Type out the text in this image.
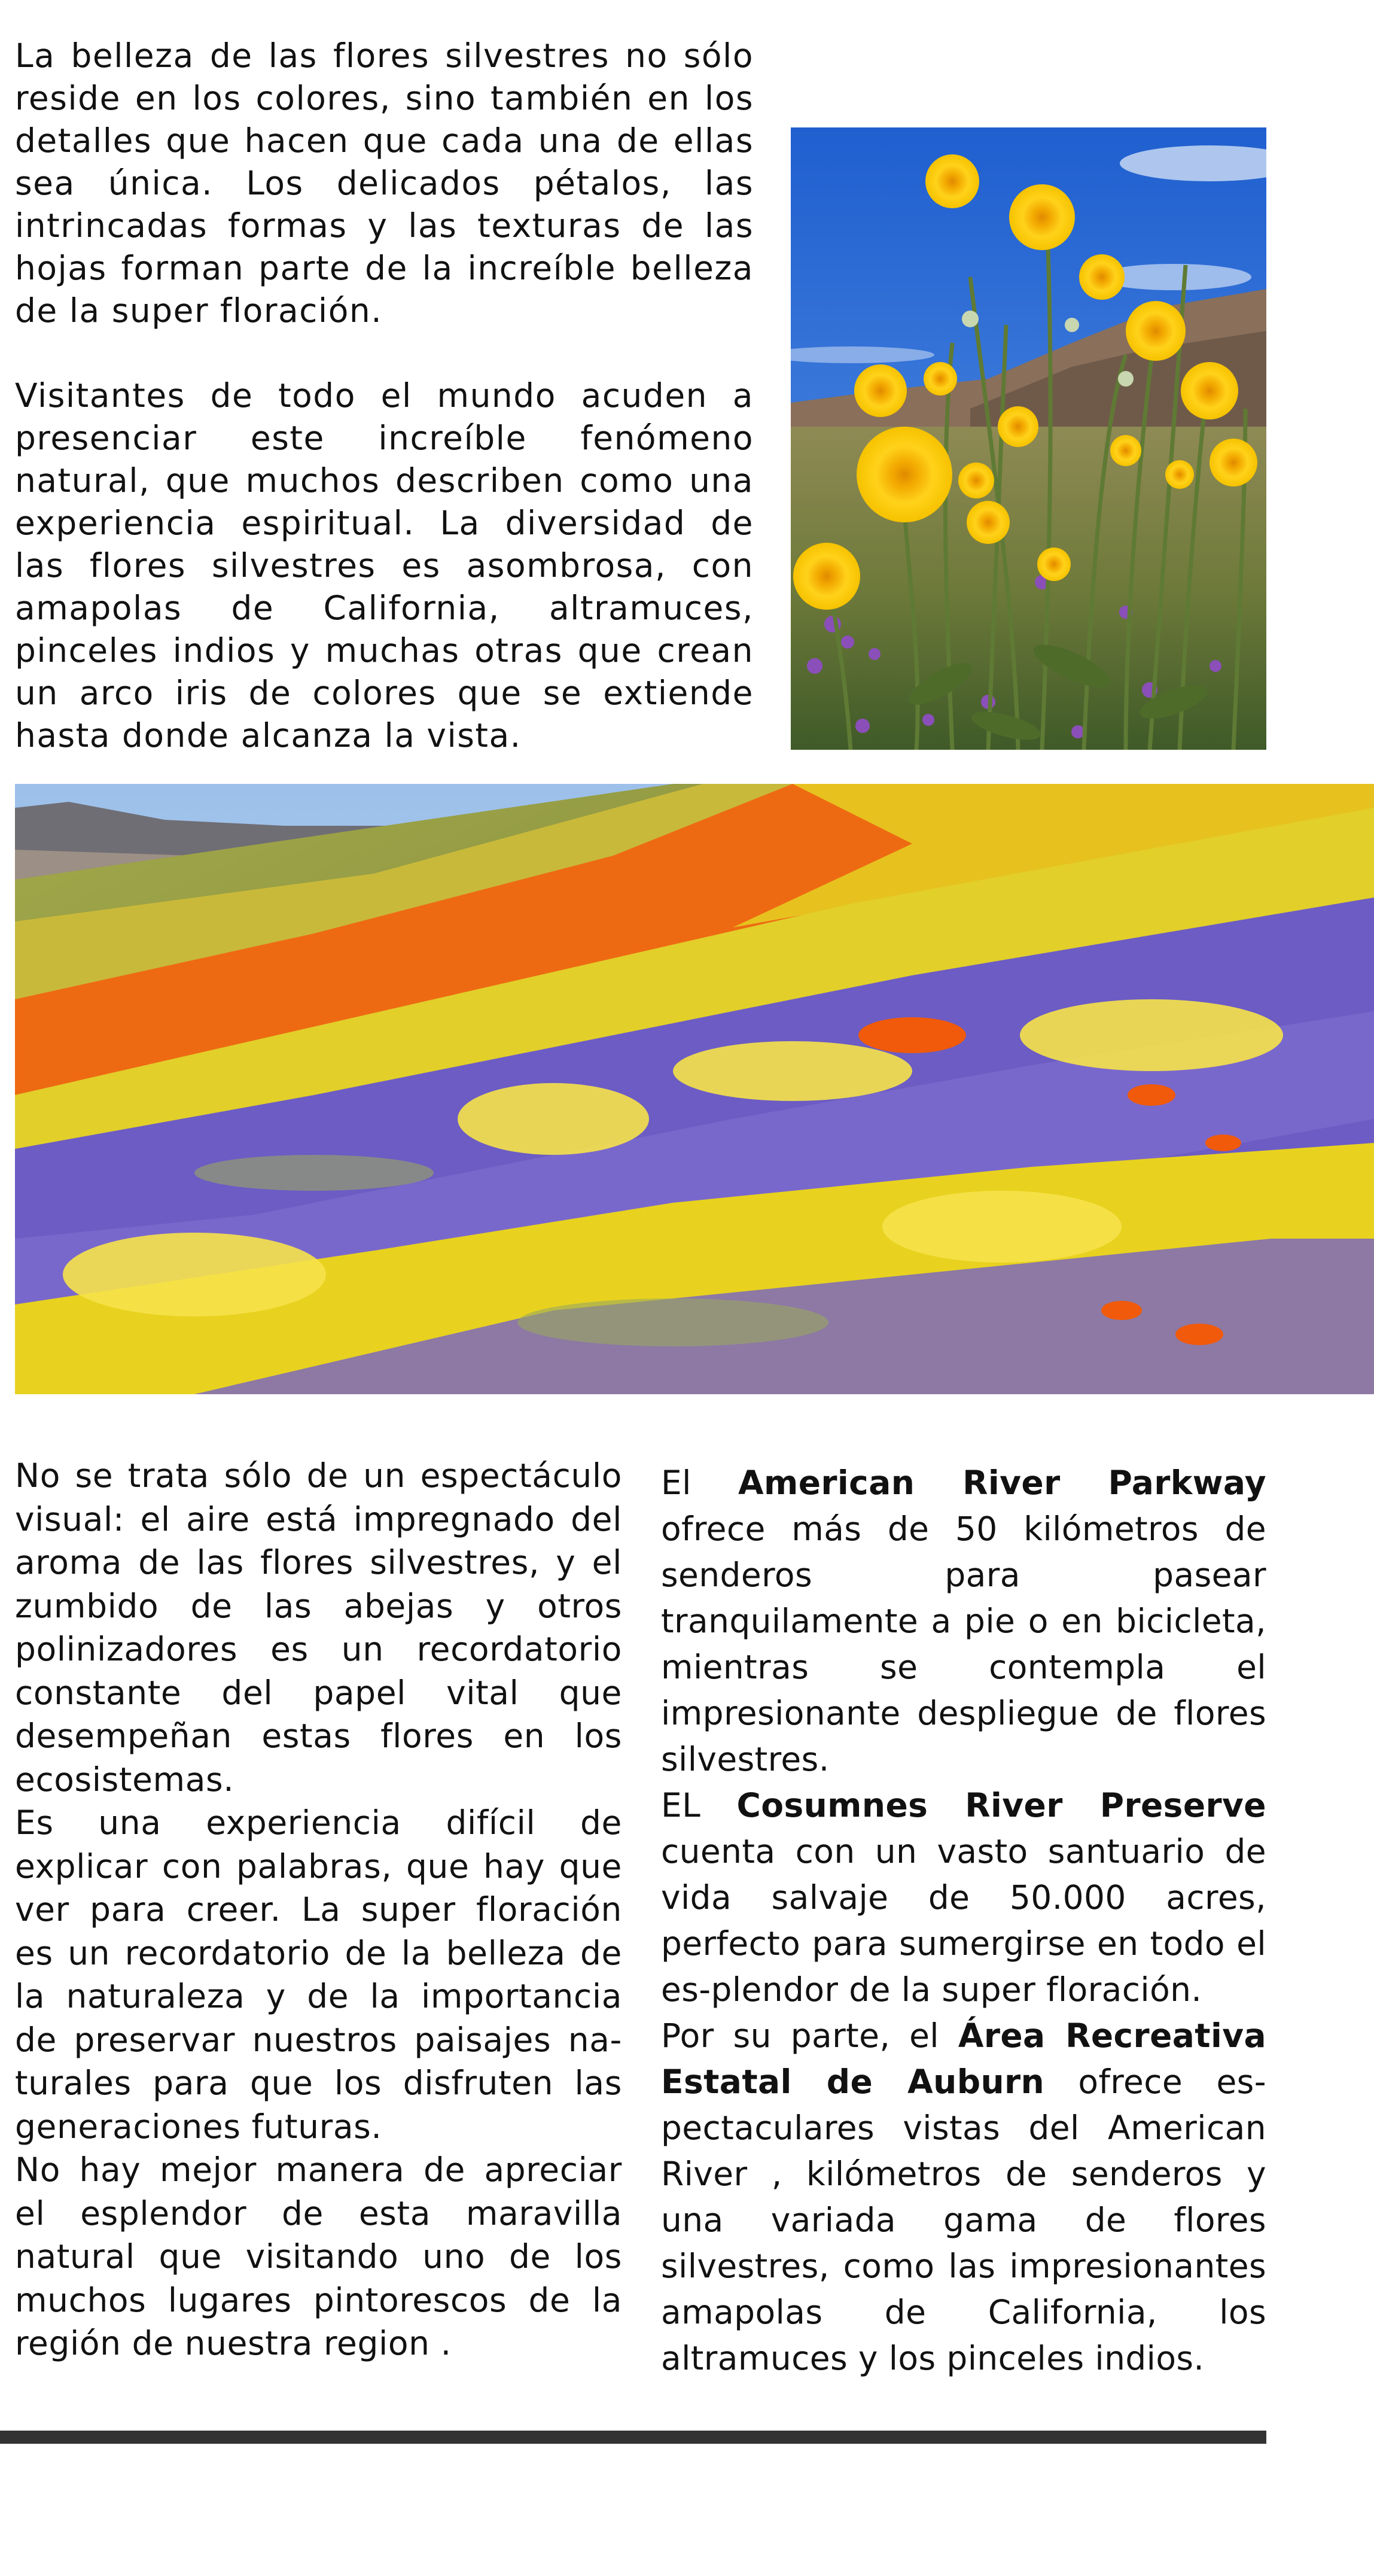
La belleza de las flores silvestres no sólo reside en los colores, sino también en los detalles que hacen que cada una de ellas sea única. Los delicados pétalos, las intrincadas formas y las texturas de las hojas forman parte de la increíble belleza de la super floración.

Visitantes de todo el mundo acuden a presenciar este increíble fenómeno natural, que muchos describen como una experiencia espiritual. La diversidad de las flores silvestres es asombrosa, con amapolas de California, altramuces, pinceles indios y muchas otras que crean un arco iris de colores que se extiende hasta donde alcanza la vista.

No se trata sólo de un espectáculo visual: el aire está impregnado del aroma de las flores silvestres, y el zumbido de las abejas y otros polinizadores es un recordatorio constante del papel vital que desempeñan estas flores en los ecosistemas.

Es una experiencia difícil de explicar con palabras, que hay que ver para creer. La super floración es un recordatorio de la belleza de la naturaleza y de la importancia de preservar nuestros paisajes na-turales para que los disfruten las generaciones futuras.

No hay mejor manera de apreciar el esplendor de esta maravilla natural que visitando uno de los muchos lugares pintorescos de la región de nuestra region .

El American River Parkway ofrece más de 50 kilómetros de senderos para pasear tranquilamente a pie o en bicicleta, mientras se contempla el impresionante despliegue de flores silvestres.

EL Cosumnes River Preserve cuenta con un vasto santuario de vida salvaje de 50.000 acres, perfecto para sumergirse en todo el es-plendor de la super floración.

Por su parte, el Área Recreativa Estatal de Auburn ofrece es-pectaculares vistas del American River , kilómetros de senderos y una variada gama de flores silvestres, como las impresionantes amapolas de California, los altramuces y los pinceles indios.
